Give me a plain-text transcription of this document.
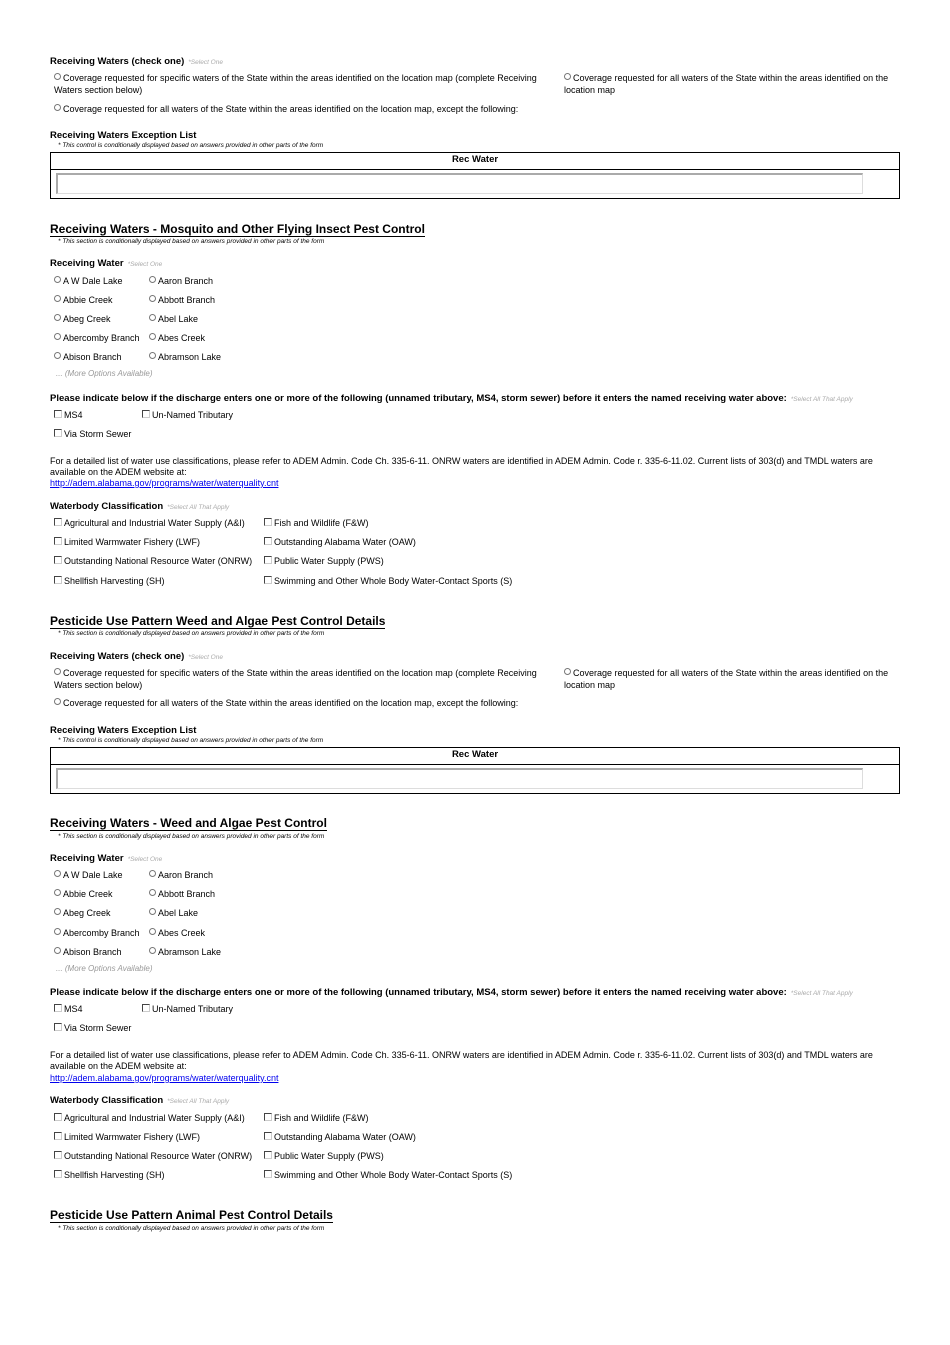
Receiving Waters (check one) *Select One
Coverage requested for specific waters of the State within the areas identified on the location map (complete Receiving Waters section below)
Coverage requested for all waters of the State within the areas identified on the location map
Coverage requested for all waters of the State within the areas identified on the location map, except the following:
Receiving Waters Exception List
* This control is conditionally displayed based on answers provided in other parts of the form
Rec Water
Receiving Waters - Mosquito and Other Flying Insect Pest Control
* This section is conditionally displayed based on answers provided in other parts of the form
Receiving Water *Select One
A W Dale Lake	Aaron Branch
Abbie Creek	Abbott Branch
Abeg Creek	Abel Lake
Abercomby Branch	Abes Creek
Abison Branch	Abramson Lake
... (More Options Available)
Please indicate below if the discharge enters one or more of the following (unnamed tributary, MS4, storm sewer) before it enters the named receiving water above: *Select All That Apply
MS4	Un-Named Tributary
Via Storm Sewer
For a detailed list of water use classifications, please refer to ADEM Admin. Code Ch. 335-6-11. ONRW waters are identified in ADEM Admin. Code r. 335-6-11.02. Current lists of 303(d) and TMDL waters are available on the ADEM website at:
http://adem.alabama.gov/programs/water/waterquality.cnt
Waterbody Classification *Select All That Apply
Agricultural and Industrial Water Supply (A&I)	Fish and Wildlife (F&W)
Limited Warmwater Fishery (LWF)	Outstanding Alabama Water (OAW)
Outstanding National Resource Water (ONRW)	Public Water Supply (PWS)
Shellfish Harvesting (SH)	Swimming and Other Whole Body Water-Contact Sports (S)
Pesticide Use Pattern Weed and Algae Pest Control Details
* This section is conditionally displayed based on answers provided in other parts of the form
Receiving Waters (check one) *Select One
Coverage requested for specific waters of the State within the areas identified on the location map (complete Receiving Waters section below)
Coverage requested for all waters of the State within the areas identified on the location map
Coverage requested for all waters of the State within the areas identified on the location map, except the following:
Receiving Waters Exception List
* This control is conditionally displayed based on answers provided in other parts of the form
Rec Water
Receiving Waters - Weed and Algae Pest Control
* This section is conditionally displayed based on answers provided in other parts of the form
Receiving Water *Select One
A W Dale Lake	Aaron Branch
Abbie Creek	Abbott Branch
Abeg Creek	Abel Lake
Abercomby Branch	Abes Creek
Abison Branch	Abramson Lake
... (More Options Available)
Please indicate below if the discharge enters one or more of the following (unnamed tributary, MS4, storm sewer) before it enters the named receiving water above: *Select All That Apply
MS4	Un-Named Tributary
Via Storm Sewer
For a detailed list of water use classifications, please refer to ADEM Admin. Code Ch. 335-6-11. ONRW waters are identified in ADEM Admin. Code r. 335-6-11.02. Current lists of 303(d) and TMDL waters are available on the ADEM website at:
http://adem.alabama.gov/programs/water/waterquality.cnt
Waterbody Classification *Select All That Apply
Agricultural and Industrial Water Supply (A&I)	Fish and Wildlife (F&W)
Limited Warmwater Fishery (LWF)	Outstanding Alabama Water (OAW)
Outstanding National Resource Water (ONRW)	Public Water Supply (PWS)
Shellfish Harvesting (SH)	Swimming and Other Whole Body Water-Contact Sports (S)
Pesticide Use Pattern Animal Pest Control Details
* This section is conditionally displayed based on answers provided in other parts of the form
